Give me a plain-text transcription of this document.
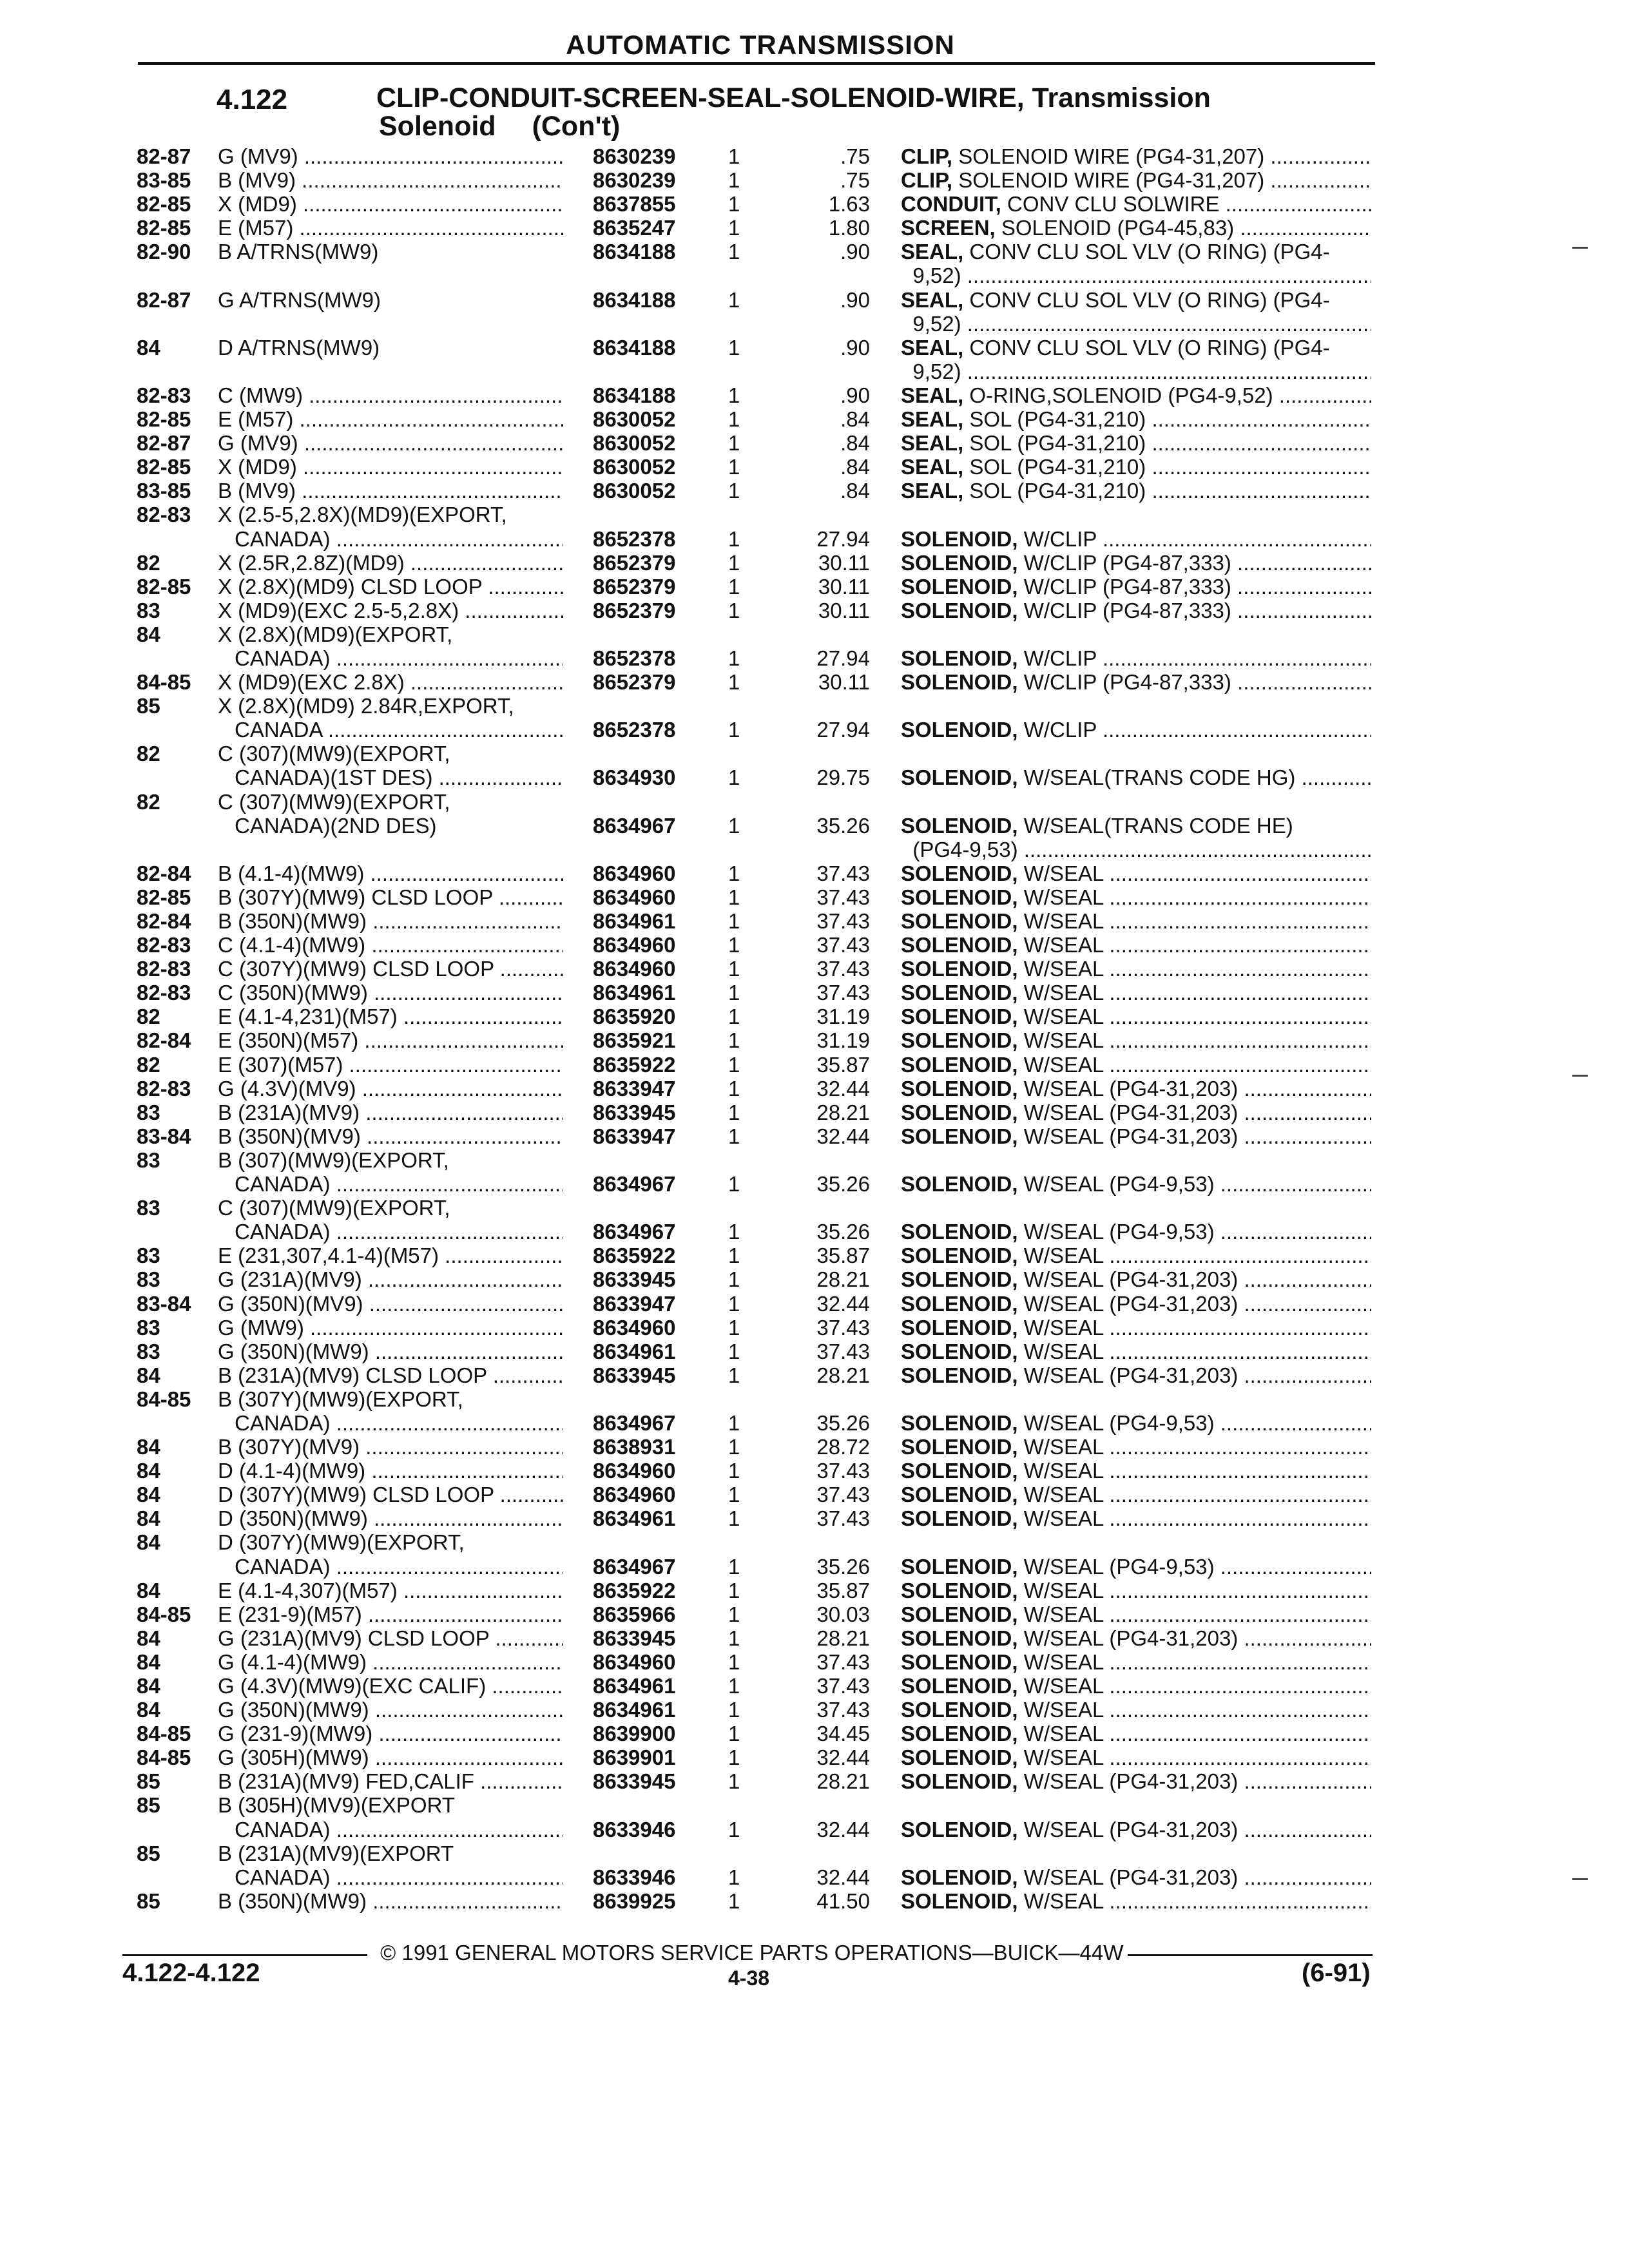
AUTOMATIC TRANSMISSION
4.122	CLIP-CONDUIT-SCREEN-SEAL-SOLENOID-WIRE, Transmission
Solenoid (Con't)
82-87	G (MV9) .....	8630239	1	.75 CLIP, SOLENOID WIRE (PG4-31,207) .....
83-85	B (MV9) .....	8630239	1	.75 CLIP, SOLENOID WIRE (PG4-31,207) .....
82-85	X (MD9) .....	8637855	1	1.63 CONDUIT, CONV CLU SOLWIRE .....
82-85	E (M57) .....	8635247	1	1.80 SCREEN, SOLENOID (PG4-45,83) .....
82-90	B A/TRNS(MW9)	8634188	1	.90 SEAL, CONV CLU SOL VLV (O RING) (PG4-
9,52) .....
82-87	G A/TRNS(MW9)	8634188	1	.90 SEAL, CONV CLU SOL VLV (O RING) (PG4-
9,52) .....
84	D A/TRNS(MW9)	8634188	1	.90 SEAL, CONV CLU SOL VLV (O RING) (PG4-
9,52) .....
82-83	C (MW9) .....	8634188	1	.90 SEAL, O-RING,SOLENOID (PG4-9,52) .....
82-85	E (M57) .....	8630052	1	.84 SEAL, SOL (PG4-31,210) .....
82-87	G (MV9) .....	8630052	1	.84 SEAL, SOL (PG4-31,210) .....
82-85	X (MD9) .....	8630052	1	.84 SEAL, SOL (PG4-31,210) .....
83-85	B (MV9) .....	8630052	1	.84 SEAL, SOL (PG4-31,210) .....
82-83	X (2.5-5,2.8X)(MD9)(EXPORT,
CANADA) .....	8652378	1	27.94 SOLENOID, W/CLIP .....
82	X (2.5R,2.8Z)(MD9) .....	8652379	1	30.11 SOLENOID, W/CLIP (PG4-87,333) .....
82-85	X (2.8X)(MD9) CLSD LOOP .....	8652379	1	30.11 SOLENOID, W/CLIP (PG4-87,333) .....
83	X (MD9)(EXC 2.5-5,2.8X) .....	8652379	1	30.11 SOLENOID, W/CLIP (PG4-87,333) .....
84	X (2.8X)(MD9)(EXPORT,
CANADA) .....	8652378	1	27.94 SOLENOID, W/CLIP .....
84-85	X (MD9)(EXC 2.8X) .....	8652379	1	30.11 SOLENOID, W/CLIP (PG4-87,333) .....
85	X (2.8X)(MD9) 2.84R,EXPORT,
CANADA .....	8652378	1	27.94 SOLENOID, W/CLIP .....
82	C (307)(MW9)(EXPORT,
CANADA)(1ST DES) .....	8634930	1	29.75 SOLENOID, W/SEAL(TRANS CODE HG) .....
82	C (307)(MW9)(EXPORT,
CANADA)(2ND DES)	8634967	1	35.26 SOLENOID, W/SEAL(TRANS CODE HE)
(PG4-9,53) .....
82-84	B (4.1-4)(MW9) .....	8634960	1	37.43 SOLENOID, W/SEAL .....
82-85	B (307Y)(MW9) CLSD LOOP .....	8634960	1	37.43 SOLENOID, W/SEAL .....
82-84	B (350N)(MW9) .....	8634961	1	37.43 SOLENOID, W/SEAL .....
82-83	C (4.1-4)(MW9) .....	8634960	1	37.43 SOLENOID, W/SEAL .....
82-83	C (307Y)(MW9) CLSD LOOP .....	8634960	1	37.43 SOLENOID, W/SEAL .....
82-83	C (350N)(MW9) .....	8634961	1	37.43 SOLENOID, W/SEAL .....
82	E (4.1-4,231)(M57) .....	8635920	1	31.19 SOLENOID, W/SEAL .....
82-84	E (350N)(M57) .....	8635921	1	31.19 SOLENOID, W/SEAL .....
82	E (307)(M57) .....	8635922	1	35.87 SOLENOID, W/SEAL .....
82-83	G (4.3V)(MV9) .....	8633947	1	32.44 SOLENOID, W/SEAL (PG4-31,203) .....
83	B (231A)(MV9) .....	8633945	1	28.21 SOLENOID, W/SEAL (PG4-31,203) .....
83-84	B (350N)(MV9) .....	8633947	1	32.44 SOLENOID, W/SEAL (PG4-31,203) .....
83	B (307)(MW9)(EXPORT,
CANADA) .....	8634967	1	35.26 SOLENOID, W/SEAL (PG4-9,53) .....
83	C (307)(MW9)(EXPORT,
CANADA) .....	8634967	1	35.26 SOLENOID, W/SEAL (PG4-9,53) .....
83	E (231,307,4.1-4)(M57) .....	8635922	1	35.87 SOLENOID, W/SEAL .....
83	G (231A)(MV9) .....	8633945	1	28.21 SOLENOID, W/SEAL (PG4-31,203) .....
83-84	G (350N)(MV9) .....	8633947	1	32.44 SOLENOID, W/SEAL (PG4-31,203) .....
83	G (MW9) .....	8634960	1	37.43 SOLENOID, W/SEAL .....
83	G (350N)(MW9) .....	8634961	1	37.43 SOLENOID, W/SEAL .....
84	B (231A)(MV9) CLSD LOOP .....	8633945	1	28.21 SOLENOID, W/SEAL (PG4-31,203) .....
84-85	B (307Y)(MW9)(EXPORT,
CANADA) .....	8634967	1	35.26 SOLENOID, W/SEAL (PG4-9,53) .....
84	B (307Y)(MV9) .....	8638931	1	28.72 SOLENOID, W/SEAL .....
84	D (4.1-4)(MW9) .....	8634960	1	37.43 SOLENOID, W/SEAL .....
84	D (307Y)(MW9) CLSD LOOP .....	8634960	1	37.43 SOLENOID, W/SEAL .....
84	D (350N)(MW9) .....	8634961	1	37.43 SOLENOID, W/SEAL .....
84	D (307Y)(MW9)(EXPORT,
CANADA) .....	8634967	1	35.26 SOLENOID, W/SEAL (PG4-9,53) .....
84	E (4.1-4,307)(M57) .....	8635922	1	35.87 SOLENOID, W/SEAL .....
84-85	E (231-9)(M57) .....	8635966	1	30.03 SOLENOID, W/SEAL .....
84	G (231A)(MV9) CLSD LOOP .....	8633945	1	28.21 SOLENOID, W/SEAL (PG4-31,203) .....
84	G (4.1-4)(MW9) .....	8634960	1	37.43 SOLENOID, W/SEAL .....
84	G (4.3V)(MW9)(EXC CALIF) .....	8634961	1	37.43 SOLENOID, W/SEAL .....
84	G (350N)(MW9) .....	8634961	1	37.43 SOLENOID, W/SEAL .....
84-85	G (231-9)(MW9) .....	8639900	1	34.45 SOLENOID, W/SEAL .....
84-85	G (305H)(MW9) .....	8639901	1	32.44 SOLENOID, W/SEAL .....
85	B (231A)(MV9) FED,CALIF .....	8633945	1	28.21 SOLENOID, W/SEAL (PG4-31,203) .....
85	B (305H)(MV9)(EXPORT
CANADA) .....	8633946	1	32.44 SOLENOID, W/SEAL (PG4-31,203) .....
85	B (231A)(MV9)(EXPORT
CANADA) .....	8633946	1	32.44 SOLENOID, W/SEAL (PG4-31,203) .....
85	B (350N)(MW9) .....	8639925	1	41.50 SOLENOID, W/SEAL .....
© 1991 GENERAL MOTORS SERVICE PARTS OPERATIONS—BUICK—44W
4.122-4.122	4-38	(6-91)
